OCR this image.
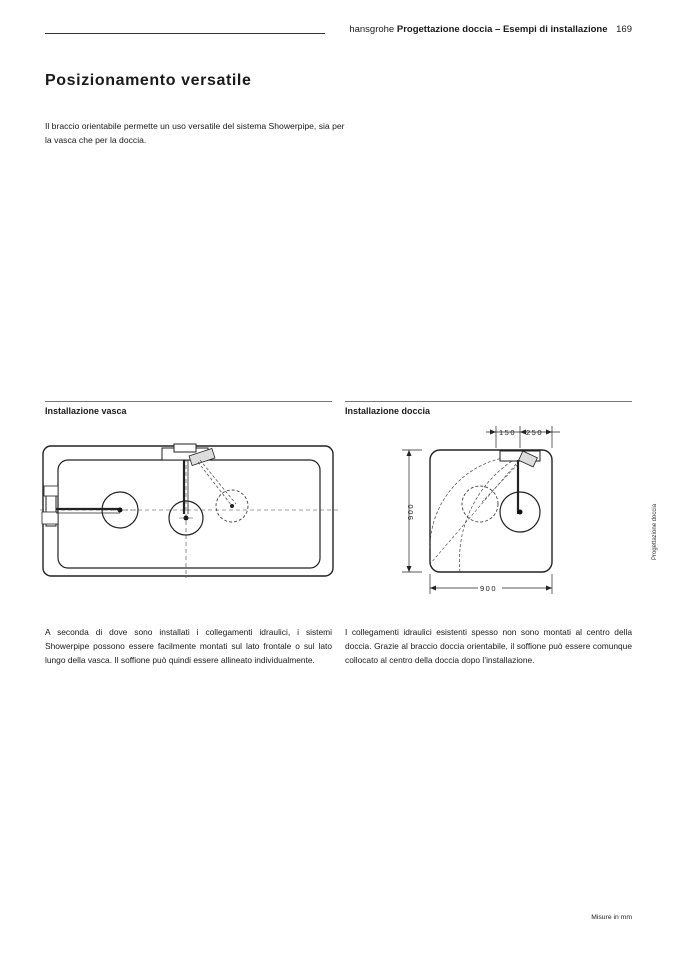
hansgrohe Progettazione doccia – Esempi di installazione 169
Posizionamento versatile
Il braccio orientabile permette un uso versatile del sistema Showerpipe, sia per la vasca che per la doccia.
Installazione vasca	Installazione doccia
150 250
900
900
A seconda di dove sono installati i collegamenti idraulici, i sistemi Showerpipe possono essere facilmente montati sul lato frontale o sul lato lungo della vasca. Il soffione può quindi essere allineato individualmente.
I collegamenti idraulici esistenti spesso non sono montati al centro della doccia. Grazie al braccio doccia orientabile, il soffione può essere comunque collocato al centro della doccia dopo l’installazione.
Progettazione doccia
Misure in mm
